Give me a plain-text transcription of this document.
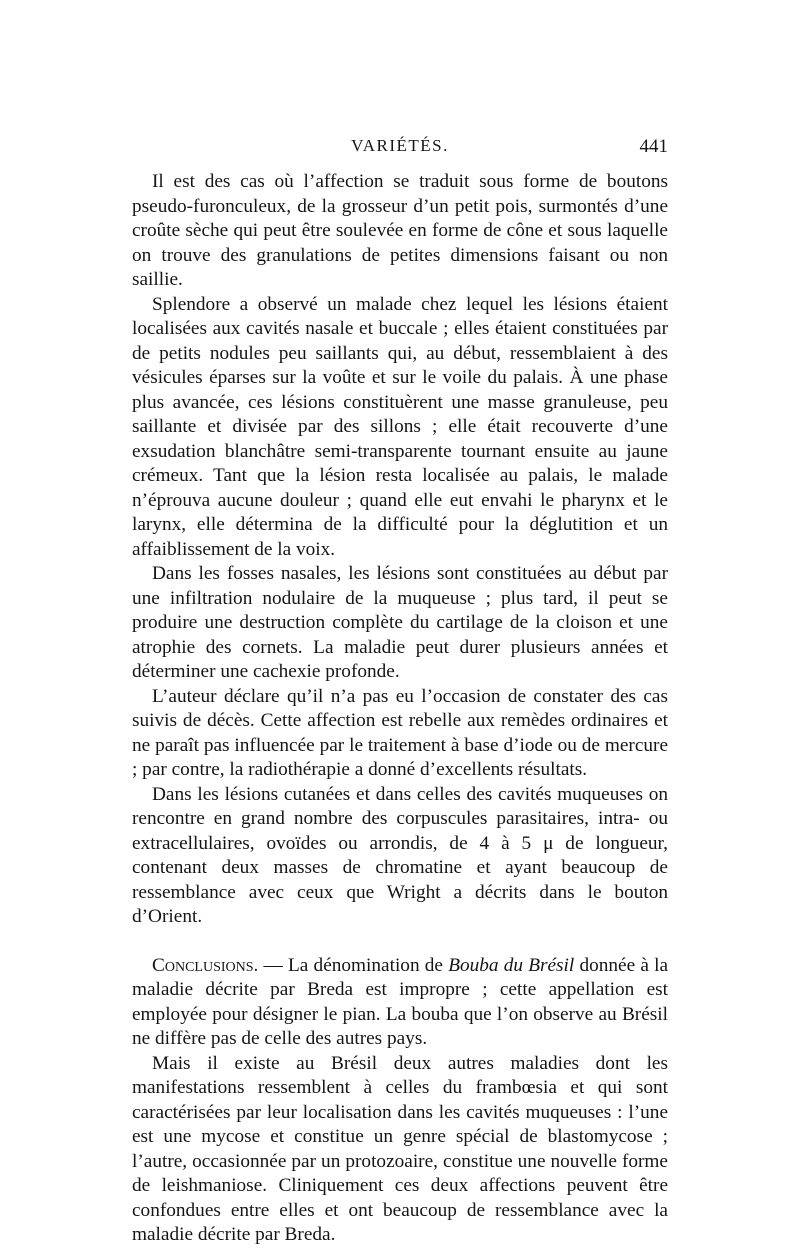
VARIÉTÉS.	441

Il est des cas où l’affection se traduit sous forme de boutons pseudo-furonculeux, de la grosseur d’un petit pois, surmontés d’une croûte sèche qui peut être soulevée en forme de cône et sous laquelle on trouve des granulations de petites dimensions faisant ou non saillie.

Splendore a observé un malade chez lequel les lésions étaient localisées aux cavités nasale et buccale ; elles étaient constituées par de petits nodules peu saillants qui, au début, ressemblaient à des vésicules éparses sur la voûte et sur le voile du palais. À une phase plus avancée, ces lésions constituèrent une masse granuleuse, peu saillante et divisée par des sillons ; elle était recouverte d’une exsudation blanchâtre semi-transparente tournant ensuite au jaune crémeux. Tant que la lésion resta localisée au palais, le malade n’éprouva aucune douleur ; quand elle eut envahi le pharynx et le larynx, elle détermina de la difficulté pour la déglutition et un affaiblissement de la voix.

Dans les fosses nasales, les lésions sont constituées au début par une infiltration nodulaire de la muqueuse ; plus tard, il peut se produire une destruction complète du cartilage de la cloison et une atrophie des cornets. La maladie peut durer plusieurs années et déterminer une cachexie profonde.

L’auteur déclare qu’il n’a pas eu l’occasion de constater des cas suivis de décès. Cette affection est rebelle aux remèdes ordinaires et ne paraît pas influencée par le traitement à base d’iode ou de mercure ; par contre, la radiothérapie a donné d’excellents résultats.

Dans les lésions cutanées et dans celles des cavités muqueuses on rencontre en grand nombre des corpuscules parasitaires, intra- ou extracellulaires, ovoïdes ou arrondis, de 4 à 5 μ de longueur, contenant deux masses de chromatine et ayant beaucoup de ressemblance avec ceux que Wright a décrits dans le bouton d’Orient.

Conclusions. — La dénomination de Bouba du Brésil donnée à la maladie décrite par Breda est impropre ; cette appellation est employée pour désigner le pian. La bouba que l’on observe au Brésil ne diffère pas de celle des autres pays.

Mais il existe au Brésil deux autres maladies dont les manifestations ressemblent à celles du frambœsia et qui sont caractérisées par leur localisation dans les cavités muqueuses : l’une est une mycose et constitue un genre spécial de blastomycose ; l’autre, occasionnée par un protozoaire, constitue une nouvelle forme de leishmaniose. Cliniquement ces deux affections peuvent être confondues entre elles et ont beaucoup de ressemblance avec la maladie décrite par Breda.
